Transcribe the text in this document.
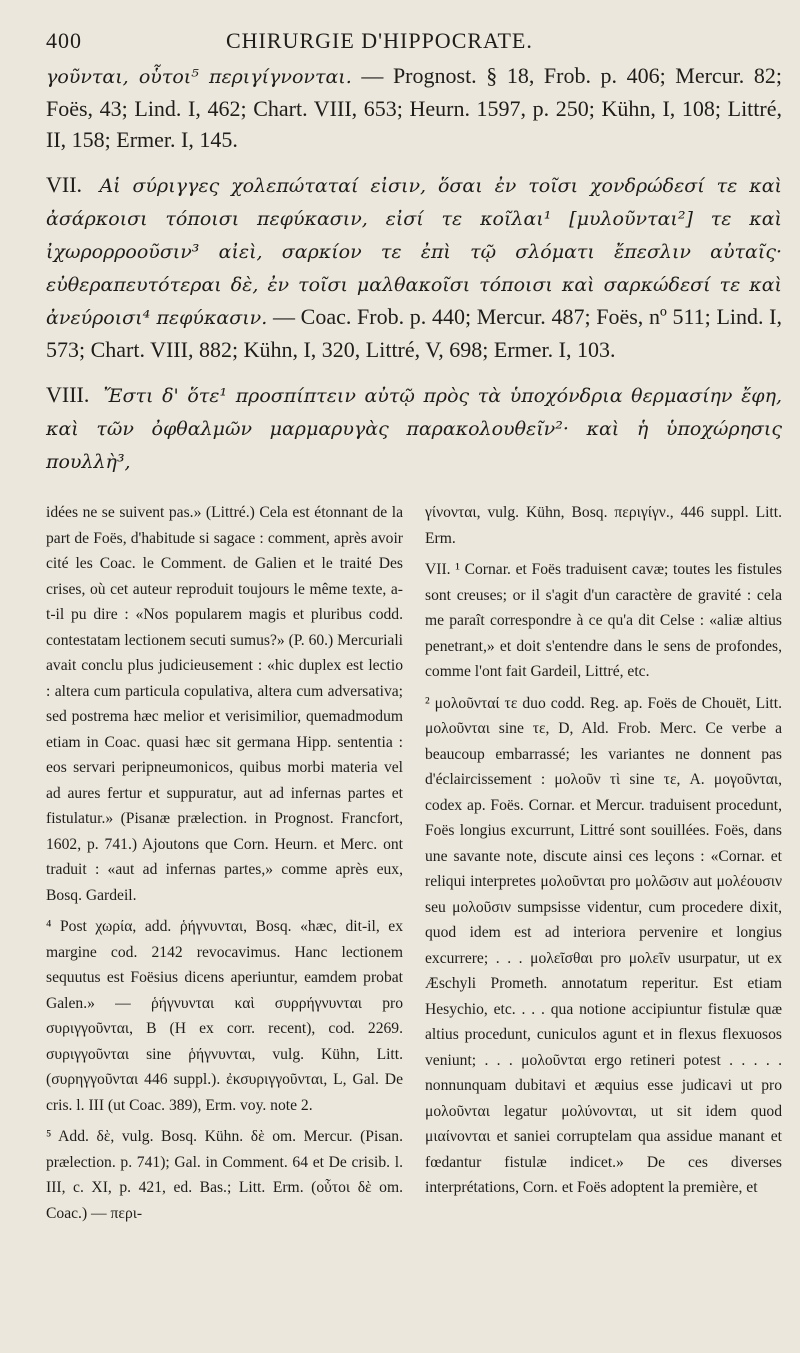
400	CHIRURGIE D'HIPPOCRATE.

γοῦνται, οὗτοι⁵ περιγίγνονται. — Prognost. § 18, Frob. p. 406; Mercur. 82; Foës, 43; Lind. I, 462; Chart. VIII, 653; Heurn. 1597, p. 250; Kühn, I, 108; Littré, II, 158; Ermer. I, 145.

VII. Αἱ σύριγγες χολεπώταταί εἰσιν, ὅσαι ἐν τοῖσι χονδρώδεσί τε καὶ ἀσάρκοισι τόποισι πεφύκασιν, εἰσί τε κοῖλαι¹ [μυλοῦνται²] τε καὶ ἰχωρορροοῦσιν³ αἰεὶ, σαρκίον τε ἐπὶ τῷ σλόματι ἔπεσλιν αὐταῖς· εὐθεραπευτότεραι δὲ, ἐν τοῖσι μαλθακοῖσι τόποισι καὶ σαρκώδεσί τε καὶ ἀνεύροισι⁴ πεφύκασιν. — Coac. Frob. p. 440; Mercur. 487; Foës, nº 511; Lind. I, 573; Chart. VIII, 882; Kühn, I, 320, Littré, V, 698; Ermer. I, 103.

VIII. Ἔστι δ' ὅτε¹ προσπίπτειν αὐτῷ πρὸς τὰ ὑποχόνδρια θερμασίην ἔφη, καὶ τῶν ὀφθαλμῶν μαρμαρυγὰς παρακολουθεῖν²· καὶ ἡ ὑποχώρησις πουλλὴ³,

idées ne se suivent pas.» (Littré.) Cela est étonnant de la part de Foës, d'habitude si sagace : comment, après avoir cité les Coac. le Comment. de Galien et le traité Des crises, où cet auteur reproduit toujours le même texte, a-t-il pu dire : «Nos popularem magis et pluribus codd. contestatam lectionem secuti sumus?» (P. 60.) Mercuriali avait conclu plus judicieusement : «hic duplex est lectio : altera cum particula copulativa, altera cum adversativa; sed postrema hæc melior et verisimilior, quemadmodum etiam in Coac. quasi hæc sit germana Hipp. sententia : eos servari peripneumonicos, quibus morbi materia vel ad aures fertur et suppuratur, aut ad infernas partes et fistulatur.» (Pisanæ prælection. in Prognost. Francfort, 1602, p. 741.) Ajoutons que Corn. Heurn. et Merc. ont traduit : «aut ad infernas partes,» comme après eux, Bosq. Gardeil.

⁴ Post χωρία, add. ῥήγνυνται, Bosq. «hæc, dit-il, ex margine cod. 2142 revocavimus. Hanc lectionem sequutus est Foësius dicens aperiuntur, eamdem probat Galen.» — ῥήγνυνται καὶ συρρήγνυνται pro συριγγοῦνται, B (H ex corr. recent), cod. 2269. συριγγοῦνται sine ῥήγνυνται, vulg. Kühn, Litt. (συρηγγοῦνται 446 suppl.). ἐκσυριγγοῦνται, L, Gal. De cris. l. III (ut Coac. 389), Erm. voy. note 2.

⁵ Add. δὲ, vulg. Bosq. Kühn. δὲ om. Mercur. (Pisan. prælection. p. 741); Gal. in Comment. 64 et De crisib. l. III, c. XI, p. 421, ed. Bas.; Litt. Erm. (οὗτοι δὲ om. Coac.) — περι-

γίνονται, vulg. Kühn, Bosq. περιγίγν., 446 suppl. Litt. Erm.

VII. ¹ Cornar. et Foës traduisent cavæ; toutes les fistules sont creuses; or il s'agit d'un caractère de gravité : cela me paraît correspondre à ce qu'a dit Celse : «aliæ altius penetrant,» et doit s'entendre dans le sens de profondes, comme l'ont fait Gardeil, Littré, etc.

² μολοῦνταί τε duo codd. Reg. ap. Foës de Chouët, Litt. μολοῦνται sine τε, D, Ald. Frob. Merc. Ce verbe a beaucoup embarrassé; les variantes ne donnent pas d'éclaircissement : μολοῦν τὶ sine τε, A. μογοῦνται, codex ap. Foës. Cornar. et Mercur. traduisent procedunt, Foës longius excurrunt, Littré sont souillées. Foës, dans une savante note, discute ainsi ces leçons : «Cornar. et reliqui interpretes μολοῦνται pro μολῶσιν aut μολέουσιν seu μολοῦσιν sumpsisse videntur, cum procedere dixit, quod idem est ad interiora pervenire et longius excurrere; . . . μολεῖσθαι pro μολεῖν usurpatur, ut ex Æschyli Prometh. annotatum reperitur. Est etiam Hesychio, etc. . . . qua notione accipiuntur fistulæ quæ altius procedunt, cuniculos agunt et in flexus flexuosos veniunt; . . . μολοῦνται ergo retineri potest . . . . . nonnunquam dubitavi et æquius esse judicavi ut pro μολοῦνται legatur μολύνονται, ut sit idem quod μιαίνονται et saniei corruptelam qua assidue manant et fœdantur fistulæ indicet.» De ces diverses interprétations, Corn. et Foës adoptent la première, et
